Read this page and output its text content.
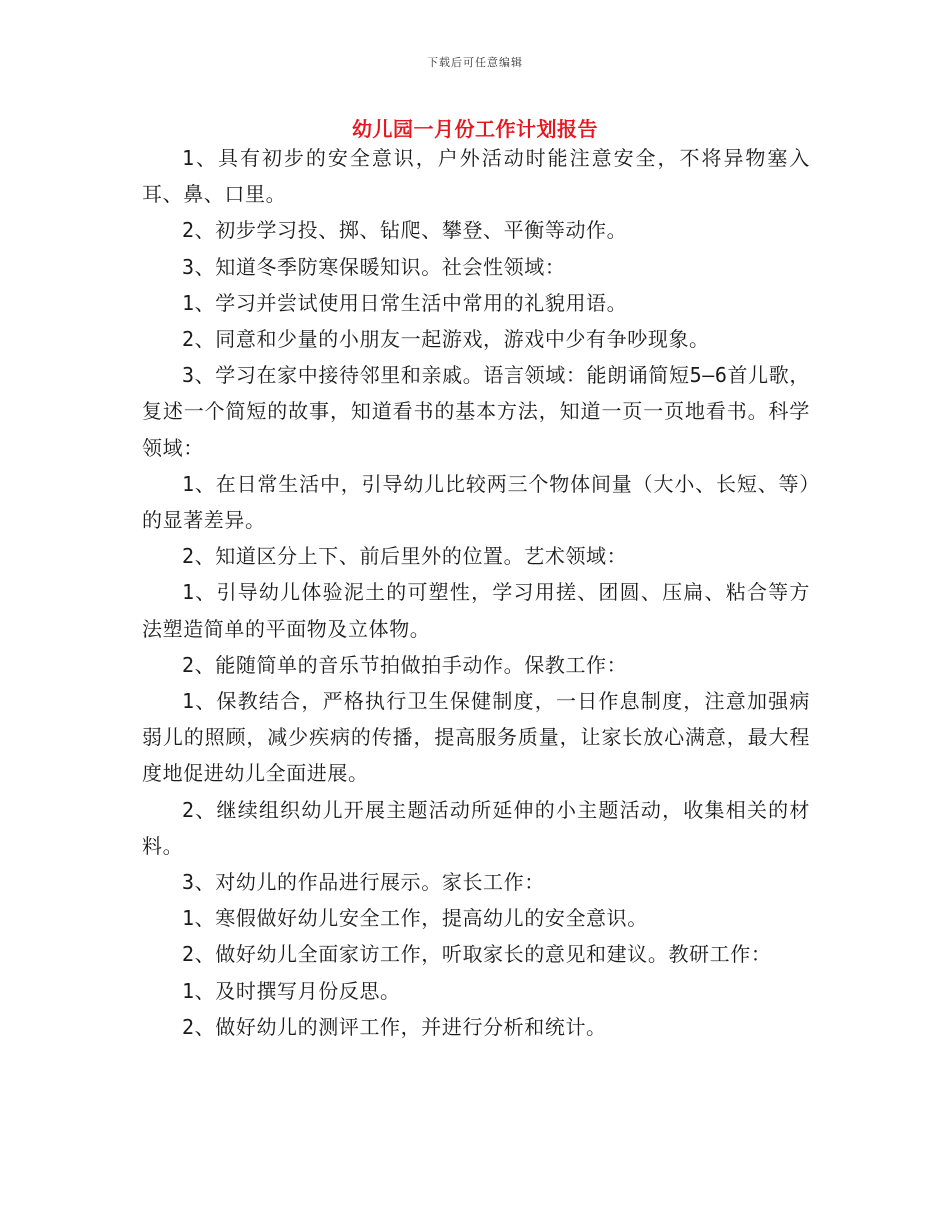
下载后可任意编辑
幼儿园一月份工作计划报告

1、具有初步的安全意识，户外活动时能注意安全，不将异物塞入耳、鼻、口里。

2、初步学习投、掷、钻爬、攀登、平衡等动作。

3、知道冬季防寒保暖知识。社会性领域：

1、学习并尝试使用日常生活中常用的礼貌用语。

2、同意和少量的小朋友一起游戏，游戏中少有争吵现象。

3、学习在家中接待邻里和亲戚。语言领域：能朗诵简短5—6首儿歌，复述一个简短的故事，知道看书的基本方法，知道一页一页地看书。科学领域：

1、在日常生活中，引导幼儿比较两三个物体间量（大小、长短、等）的显著差异。

2、知道区分上下、前后里外的位置。艺术领域：

1、引导幼儿体验泥土的可塑性，学习用搓、团圆、压扁、粘合等方法塑造简单的平面物及立体物。

2、能随简单的音乐节拍做拍手动作。保教工作：

1、保教结合，严格执行卫生保健制度，一日作息制度，注意加强病弱儿的照顾，减少疾病的传播，提高服务质量，让家长放心满意，最大程度地促进幼儿全面进展。

2、继续组织幼儿开展主题活动所延伸的小主题活动，收集相关的材料。

3、对幼儿的作品进行展示。家长工作：

1、寒假做好幼儿安全工作，提高幼儿的安全意识。

2、做好幼儿全面家访工作，听取家长的意见和建议。教研工作：

1、及时撰写月份反思。

2、做好幼儿的测评工作，并进行分析和统计。
